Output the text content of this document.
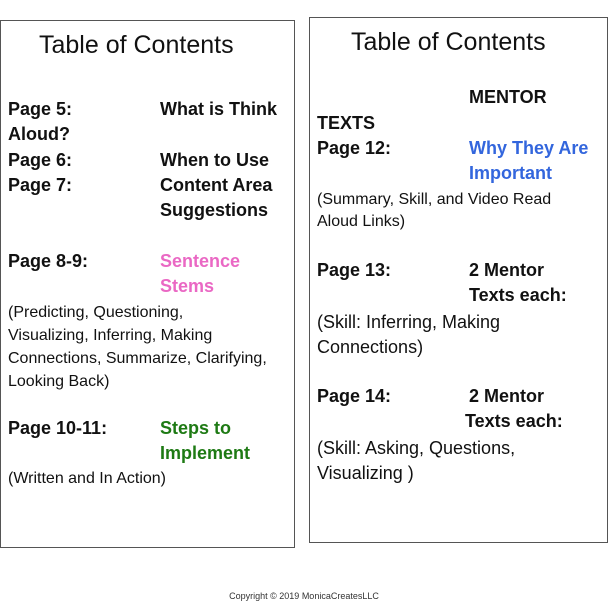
Table of Contents
Page 5:	What is Think
Aloud?
Page 6:	When to Use
Page 7:	Content Area
Suggestions
Page 8-9:	Sentence
Stems
(Predicting, Questioning,
Visualizing, Inferring, Making
Connections, Summarize, Clarifying,
Looking Back)
Page 10-11:	Steps to
Implement
(Written and In Action)
Table of Contents
MENTOR
TEXTS
Page 12:	Why They Are
Important
(Summary, Skill, and Video Read
Aloud Links)
Page 13:	2 Mentor
Texts each:
(Skill: Inferring, Making
Connections)
Page 14:	2 Mentor
Texts each:
(Skill: Asking, Questions,
Visualizing )
Copyright © 2019 MonicaCreatesLLC
